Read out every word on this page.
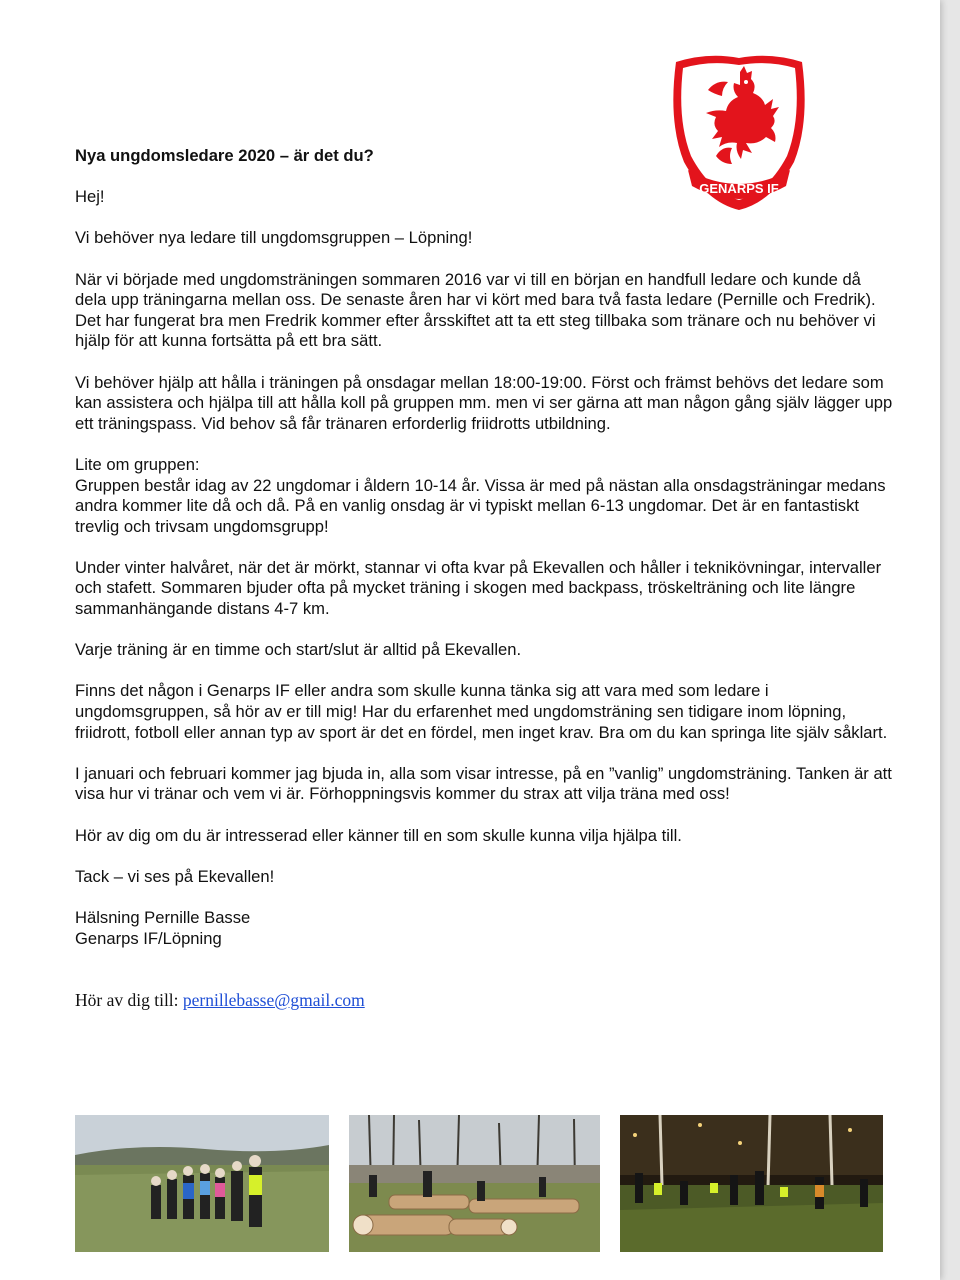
GENARPS IF

Nya ungdomsledare 2020 – är det du?

Hej!

Vi behöver nya ledare till ungdomsgruppen – Löpning!

När vi började med ungdomsträningen sommaren 2016 var vi till en början en handfull ledare och kunde då dela upp träningarna mellan oss. De senaste åren har vi kört med bara två fasta ledare (Pernille och Fredrik). Det har fungerat bra men Fredrik kommer efter årsskiftet att ta ett steg tillbaka som tränare och nu behöver vi hjälp för att kunna fortsätta på ett bra sätt.

Vi behöver hjälp att hålla i träningen på onsdagar mellan 18:00-19:00. Först och främst behövs det ledare som kan assistera och hjälpa till att hålla koll på gruppen mm. men vi ser gärna att man någon gång själv lägger upp ett träningspass. Vid behov så får tränaren erforderlig friidrotts utbildning.

Lite om gruppen:
Gruppen består idag av 22 ungdomar i åldern 10-14 år. Vissa är med på nästan alla onsdagsträningar medans andra kommer lite då och då. På en vanlig onsdag är vi typiskt mellan 6-13 ungdomar. Det är en fantastiskt trevlig och trivsam ungdomsgrupp!

Under vinter halvåret, när det är mörkt, stannar vi ofta kvar på Ekevallen och håller i teknikövningar, intervaller och stafett. Sommaren bjuder ofta på mycket träning i skogen med backpass, tröskelträning och lite längre sammanhängande distans 4-7 km.

Varje träning är en timme och start/slut är alltid på Ekevallen.

Finns det någon i Genarps IF eller andra som skulle kunna tänka sig att vara med som ledare i ungdomsgruppen, så hör av er till mig! Har du erfarenhet med ungdomsträning sen tidigare inom löpning, friidrott, fotboll eller annan typ av sport är det en fördel, men inget krav. Bra om du kan springa lite själv såklart.

I januari och februari kommer jag bjuda in, alla som visar intresse, på en ”vanlig” ungdomsträning. Tanken är att visa hur vi tränar och vem vi är. Förhoppningsvis kommer du strax att vilja träna med oss!

Hör av dig om du är intresserad eller känner till en som skulle kunna vilja hjälpa till.

Tack – vi ses på Ekevallen!

Hälsning Pernille Basse
Genarps IF/Löpning

Hör av dig till: pernillebasse@gmail.com
